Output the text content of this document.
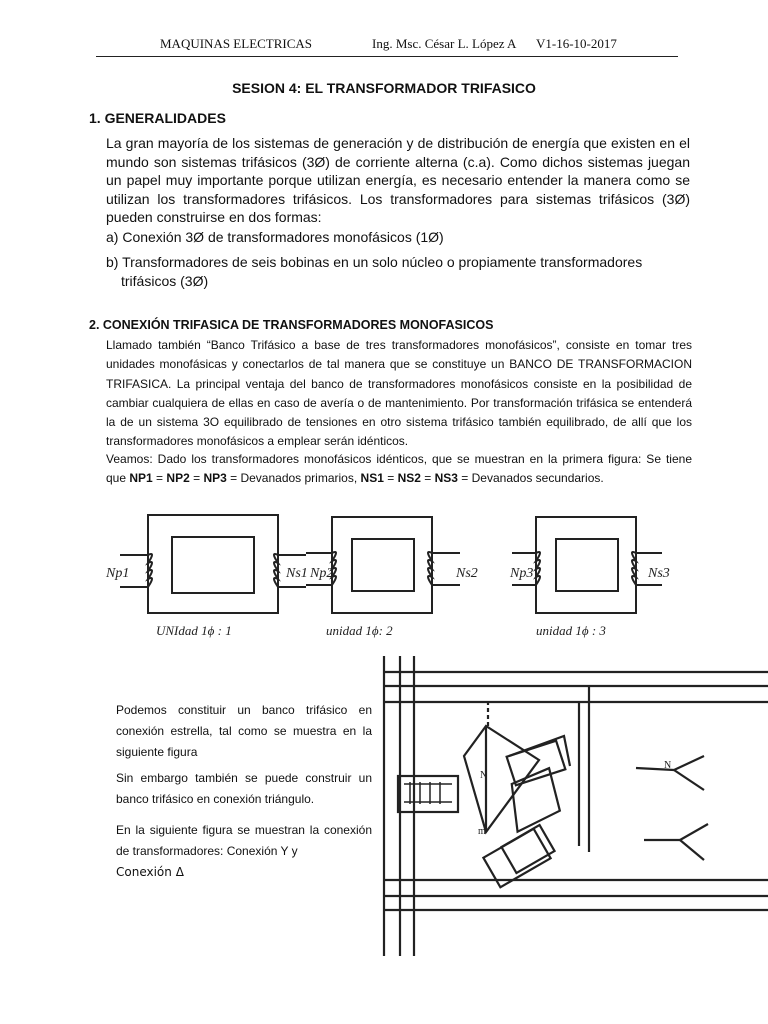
MAQUINAS ELECTRICAS	Ing. Msc. César L. López A V1-16-10-2017
SESION 4: EL TRANSFORMADOR TRIFASICO
1. GENERALIDADES
La gran mayoría de los sistemas de generación y de distribución de energía que existen en el mundo son sistemas trifásicos (3Ø) de corriente alterna (c.a). Como dichos sistemas juegan un papel muy importante porque utilizan energía, es necesario entender la manera como se utilizan los transformadores trifásicos. Los transformadores para sistemas trifásicos (3Ø) pueden construirse en dos formas:
a) Conexión 3Ø de transformadores monofásicos (1Ø)
b) Transformadores de seis bobinas en un solo núcleo o propiamente transformadores
trifásicos (3Ø)
2. CONEXIÓN TRIFASICA DE TRANSFORMADORES MONOFASICOS
Llamado también “Banco Trifásico a base de tres transformadores monofásicos”, consiste en tomar tres unidades monofásicas y conectarlos de tal manera que se constituye un BANCO DE TRANSFORMACION TRIFASICA. La principal ventaja del banco de transformadores monofásicos consiste en la posibilidad de cambiar cualquiera de ellas en caso de avería o de mantenimiento. Por transformación trifásica se entenderá la de un sistema 3O equilibrado de tensiones en otro sistema trifásico también equilibrado, de allí que los transformadores monofásicos a emplear serán idénticos.
Veamos: Dado los transformadores monofásicos idénticos, que se muestran en la primera figura: Se tiene que NP1 = NP2 = NP3 = Devanados primarios, NS1 = NS2 = NS3 = Devanados secundarios.
Np1	Ns1
UNIdad 1ϕ : 1
Np2	Ns2
unidad 1ϕ: 2
Np3	Ns3
unidad 1ϕ : 3
Podemos constituir un banco trifásico en conexión estrella, tal como se muestra en la siguiente figura
Sin embargo también se puede construir un banco trifásico en conexión triángulo.
En la siguiente figura se muestran la conexión de transformadores: Conexión Y y
Conexión Δ
N
N
m
